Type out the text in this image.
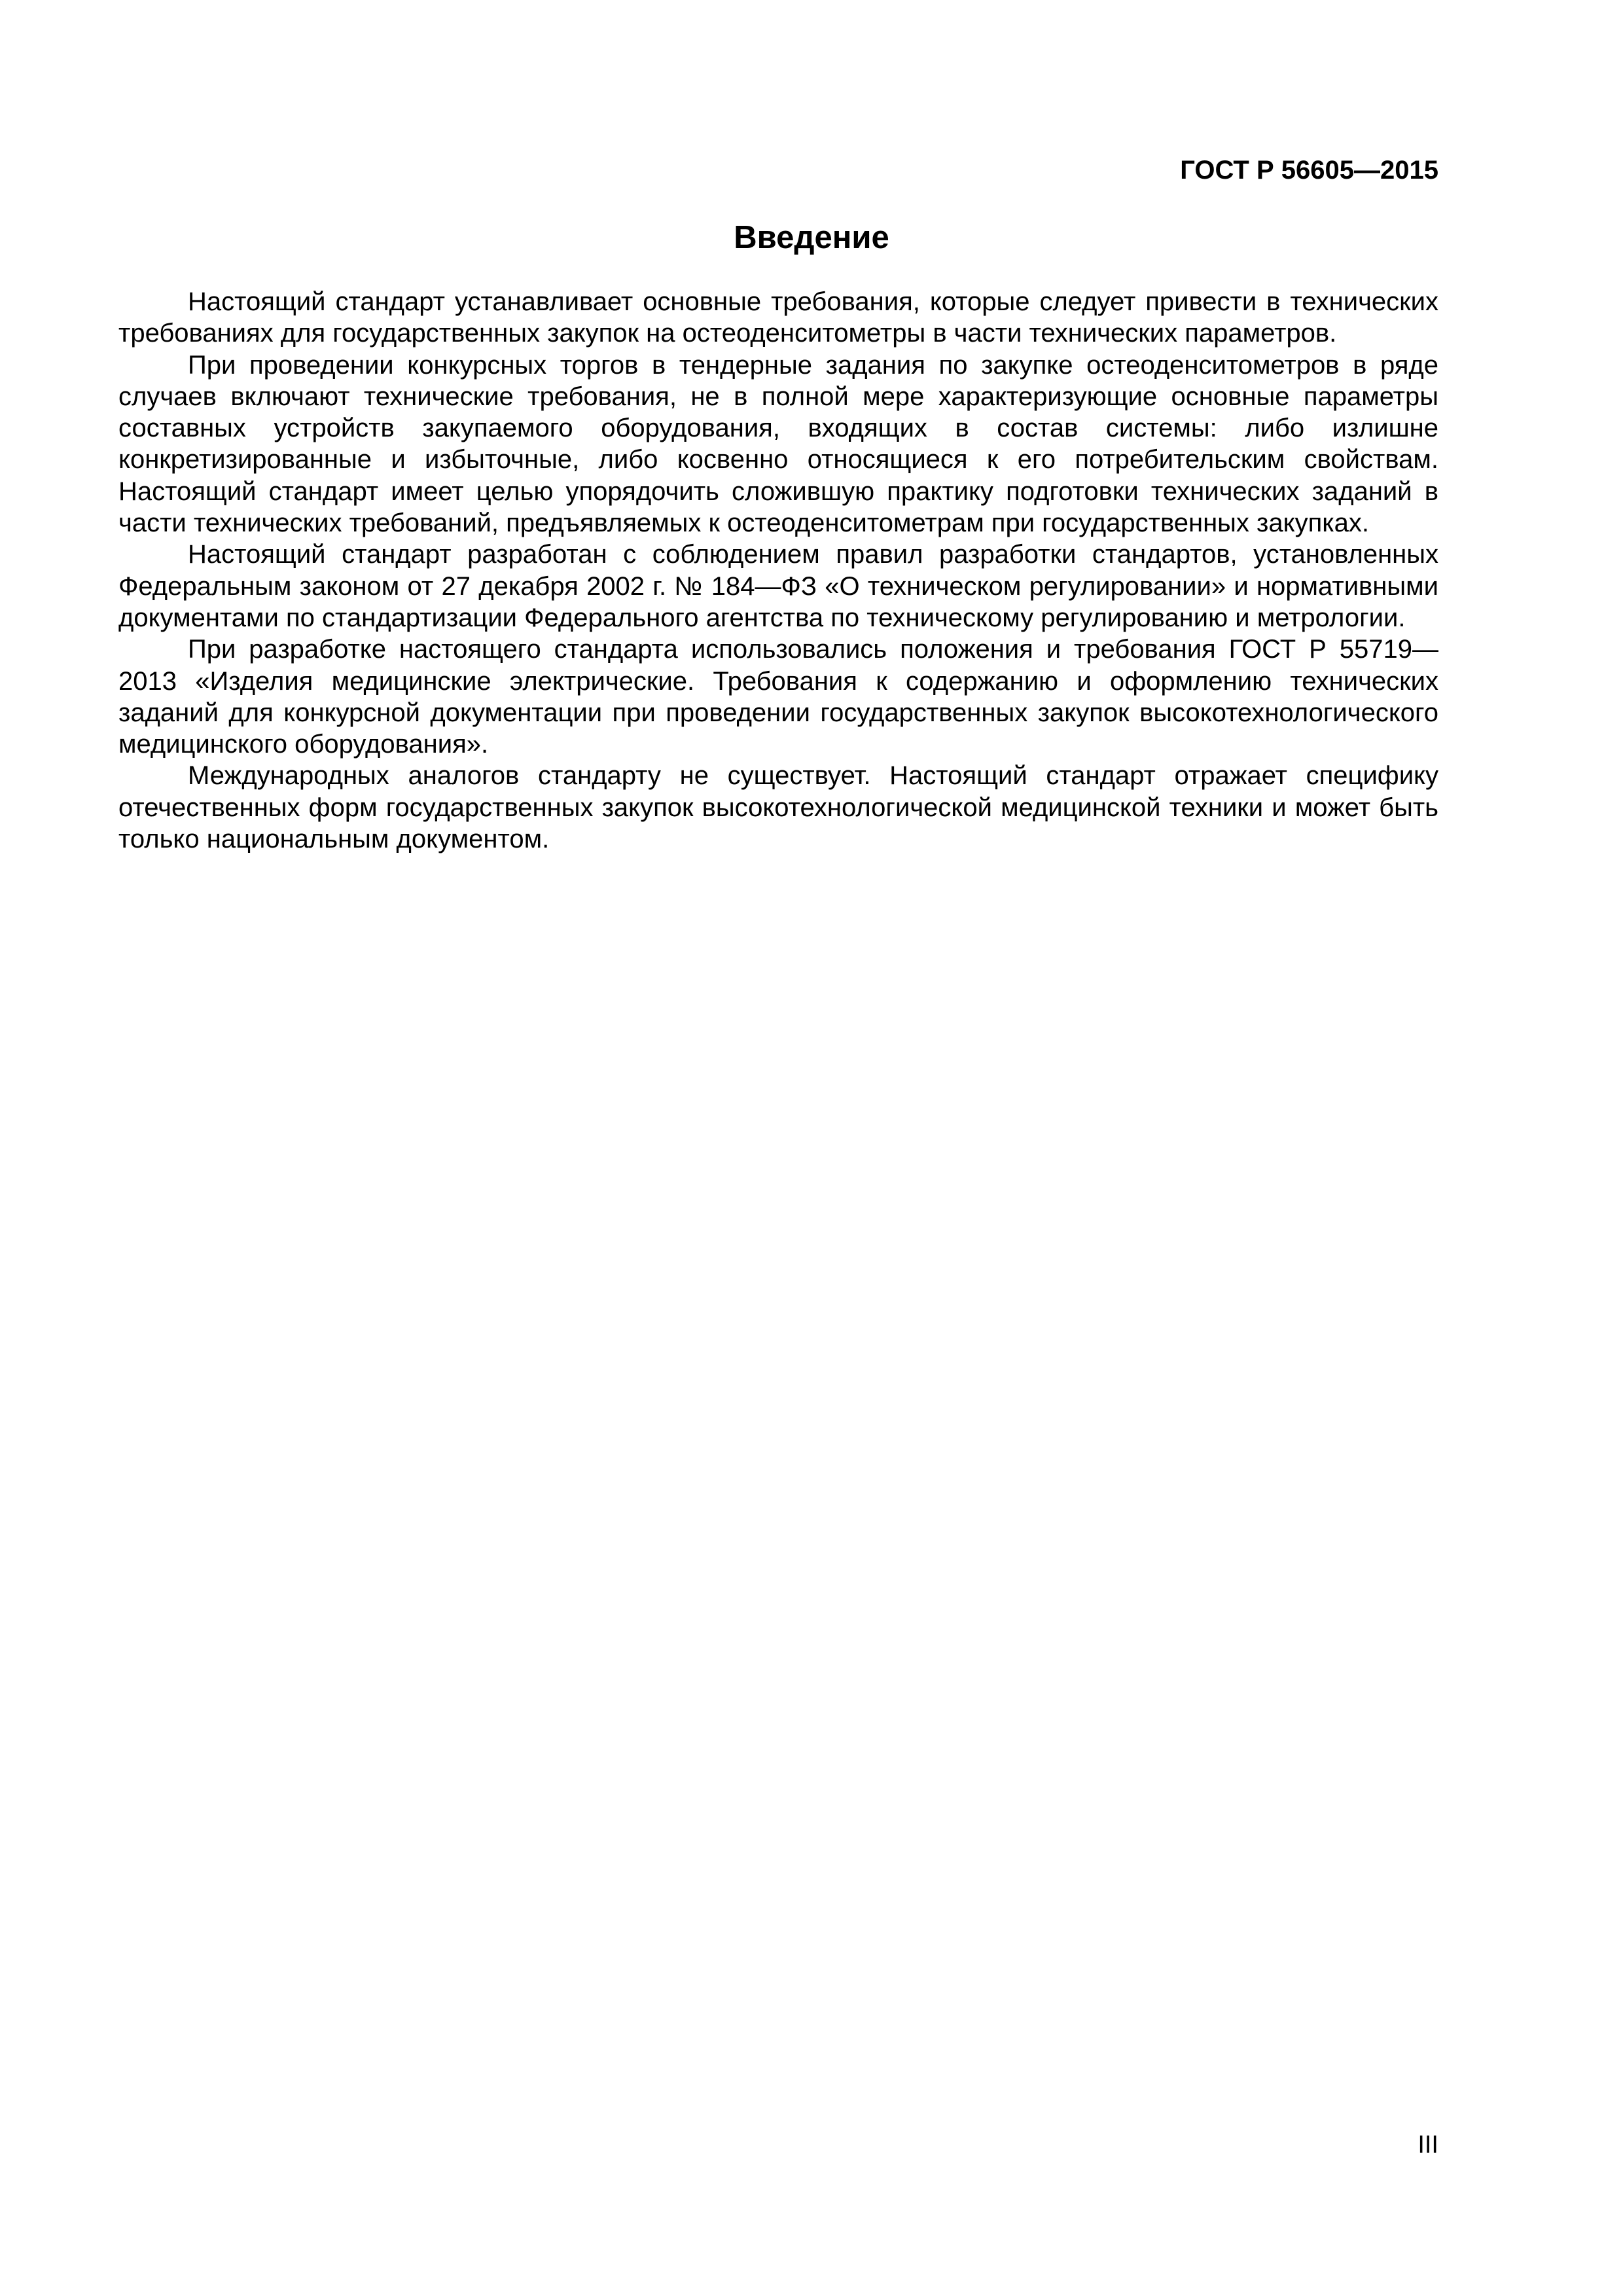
ГОСТ Р 56605—2015
Введение

Настоящий стандарт устанавливает основные требования, которые следует привести в технических требованиях для государственных закупок на остеоденситометры в части технических параметров.

При проведении конкурсных торгов в тендерные задания по закупке остеоденситометров в ряде случаев включают технические требования, не в полной мере характеризующие основные параметры составных устройств закупаемого оборудования, входящих в состав системы: либо излишне конкретизированные и избыточные, либо косвенно относящиеся к его потребительским свойствам. Настоящий стандарт имеет целью упорядочить сложившую практику подготовки технических заданий в части технических требований, предъявляемых к остеоденситометрам при государственных закупках.

Настоящий стандарт разработан с соблюдением правил разработки стандартов, установленных Федеральным законом от 27 декабря 2002 г. № 184—ФЗ «О техническом регулировании» и нормативными документами по стандартизации Федерального агентства по техническому регулированию и метрологии.

При разработке настоящего стандарта использовались положения и требования ГОСТ Р 55719—2013 «Изделия медицинские электрические. Требования к содержанию и оформлению технических заданий для конкурсной документации при проведении государственных закупок высокотехнологического медицинского оборудования».

Международных аналогов стандарту не существует. Настоящий стандарт отражает специфику отечественных форм государственных закупок высокотехнологической медицинской техники и может быть только национальным документом.

III
